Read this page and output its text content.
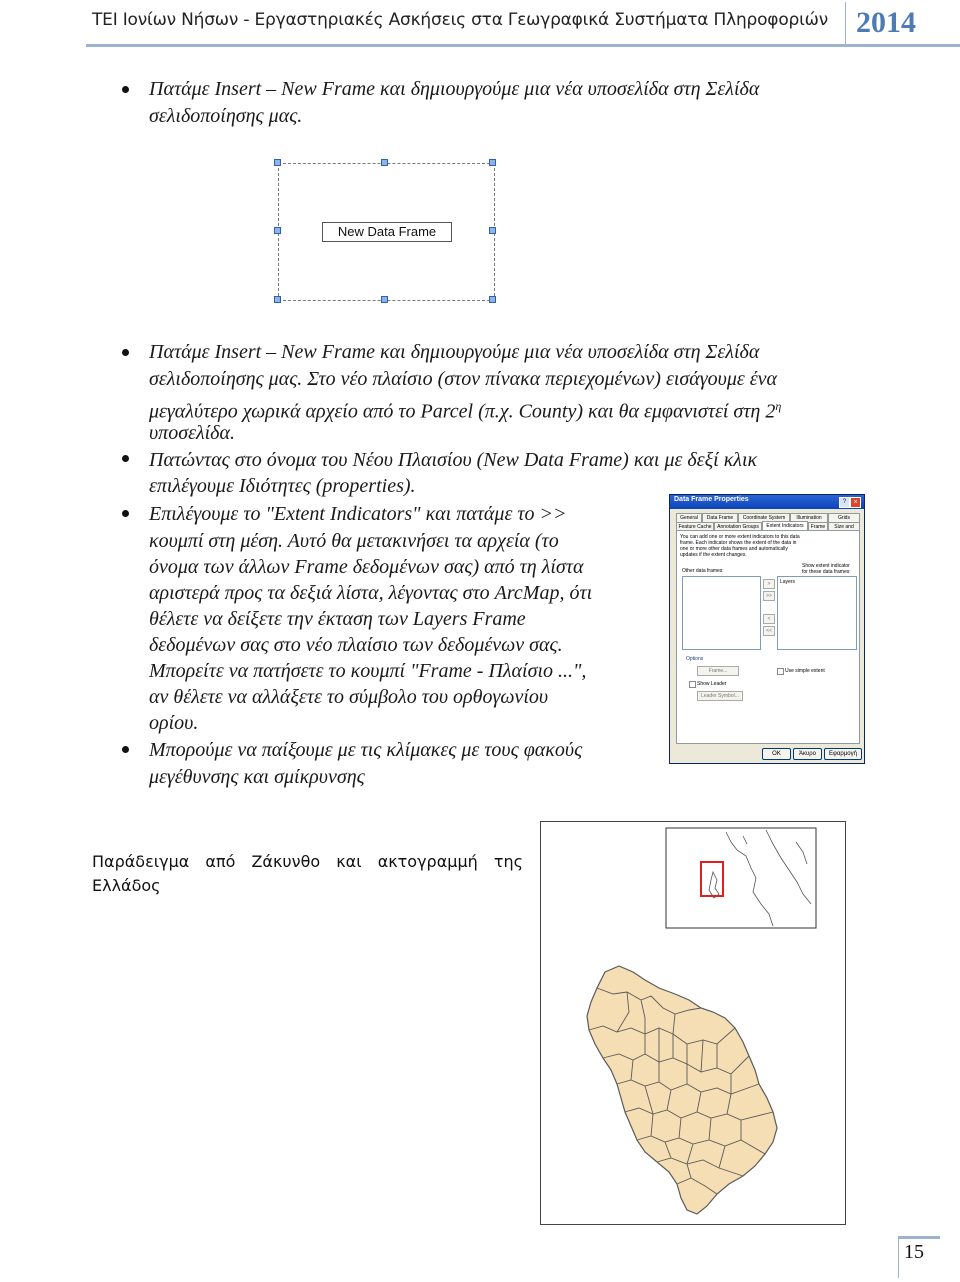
ΤΕΙ Ιονίων Νήσων - Εργαστηριακές Ασκήσεις στα Γεωγραφικά Συστήματα Πληροφοριών 2014
Πατάμε Insert – New Frame και δημιουργούμε μια νέα υποσελίδα στη Σελίδα
σελιδοποίησης μας.
New Data Frame
Πατάμε Insert – New Frame και δημιουργούμε μια νέα υποσελίδα στη Σελίδα
σελιδοποίησης μας. Στο νέο πλαίσιο (στον πίνακα περιεχομένων) εισάγουμε ένα
μεγαλύτερο χωρικά αρχείο από το Parcel (π.χ. County) και θα εμφανιστεί στη $2^\eta$
υποσελίδα.
Πατώντας στο όνομα του Νέου Πλαισίου (New Data Frame) και με δεξί κλικ
επιλέγουμε Ιδιότητες (properties).
Επιλέγουμε το "Extent Indicators" και πατάμε το >>
κουμπί στη μέση. Αυτό θα μετακινήσει τα αρχεία (το
όνομα των άλλων Frame δεδομένων σας) από τη λίστα
αριστερά προς τα δεξιά λίστα, λέγοντας στο ArcMap, ότι
θέλετε να δείξετε την έκταση των Layers Frame
δεδομένων σας στο νέο πλαίσιο των δεδομένων σας.
Μπορείτε να πατήσετε το κουμπί "Frame - Πλαίσιο ...",
αν θέλετε να αλλάξετε το σύμβολο του ορθογωνίου
ορίου.
Μπορούμε να παίξουμε με τις κλίμακες με τους φακούς
μεγέθυνσης και σμίκρυνσης
Data Frame Properties	?	×
General	Data Frame	Coordinate System	Illumination	Grids
Feature Cache	Annotation Groups	Extent Indicators	Frame	Size and
You can add one or more extent indicators to this data frame. Each indicator shows the extent of the data in one or more other data frames and automatically updates if the extent changes.
Show extent indicator for these data frames:
Other data frames:
Layers
>
>>
<
<<
Options
Frame...	Use simple extent
Show Leader
Leader Symbol...
OK	Άκυρο	Εφαρμογή
Παράδειγμα από Ζάκυνθο και ακτογραμμή της Ελλάδος
15
